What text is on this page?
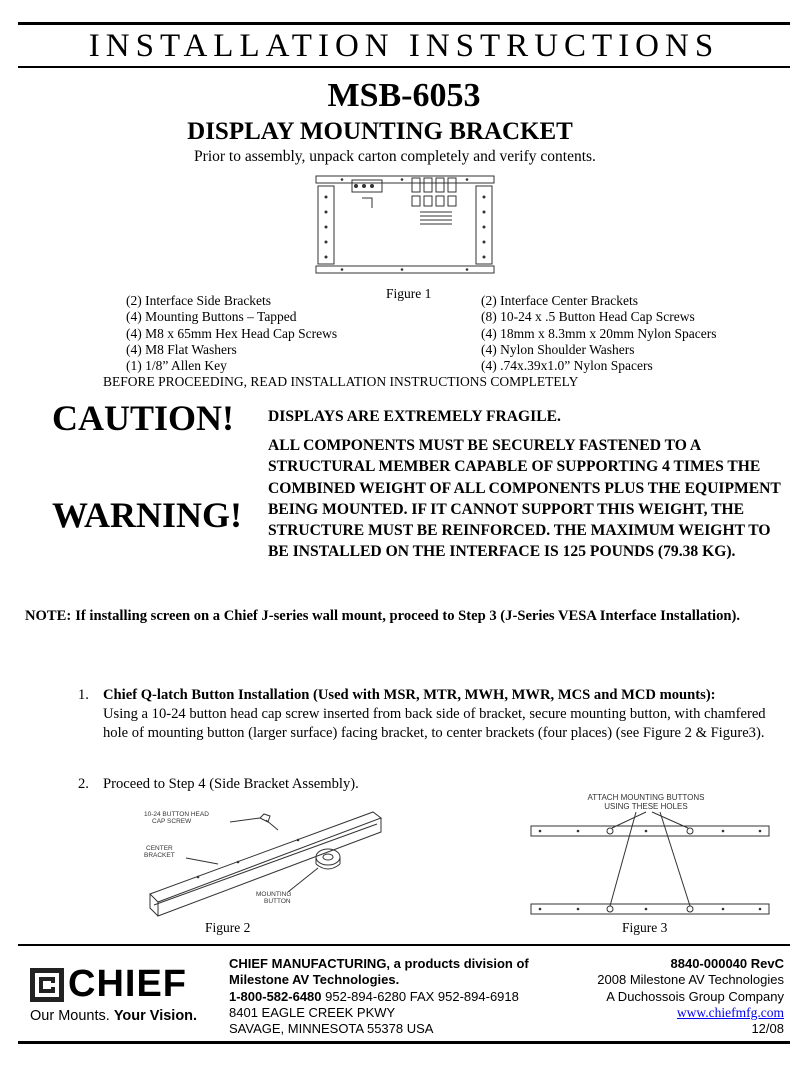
INSTALLATION INSTRUCTIONS
MSB-6053
DISPLAY MOUNTING BRACKET
Prior to assembly, unpack carton completely and verify contents.
Figure 1
(2) Interface Side Brackets
(4) Mounting Buttons – Tapped
(4) M8 x 65mm Hex Head Cap Screws
(4) M8 Flat Washers
(1) 1/8” Allen Key
(2) Interface Center Brackets
(8) 10-24 x .5 Button Head Cap Screws
(4) 18mm x 8.3mm x 20mm Nylon Spacers
(4) Nylon Shoulder Washers
(4) .74x.39x1.0” Nylon Spacers
BEFORE PROCEEDING, READ INSTALLATION INSTRUCTIONS COMPLETELY
CAUTION!
WARNING!

DISPLAYS ARE EXTREMELY FRAGILE.

ALL COMPONENTS MUST BE SECURELY FASTENED TO A STRUCTURAL MEMBER CAPABLE OF SUPPORTING 4 TIMES THE COMBINED WEIGHT OF ALL COMPONENTS PLUS THE EQUIPMENT BEING MOUNTED. IF IT CANNOT SUPPORT THIS WEIGHT, THE STRUCTURE MUST BE REINFORCED. THE MAXIMUM WEIGHT TO BE INSTALLED ON THE INTERFACE IS 125 POUNDS (79.38 KG).

NOTE: If installing screen on a Chief J-series wall mount, proceed to Step 3 (J-Series VESA Interface Installation).
1. Chief Q-latch Button Installation (Used with MSR, MTR, MWH, MWR, MCS and MCD mounts):
Using a 10-24 button head cap screw inserted from back side of bracket, secure mounting button, with chamfered hole of mounting button (larger surface) facing bracket, to center brackets (four places) (see Figure 2 & Figure3).
2. Proceed to Step 4 (Side Bracket Assembly).
10-24 BUTTON HEAD CAP SCREW
CENTER BRACKET
MOUNTING BUTTON
Figure 2
ATTACH MOUNTING BUTTONS USING THESE HOLES
Figure 3
CHIEF
Our Mounts. Your Vision.
CHIEF MANUFACTURING, a products division of
Milestone AV Technologies.
1-800-582-6480 952-894-6280 FAX 952-894-6918
8401 EAGLE CREEK PKWY
SAVAGE, MINNESOTA 55378 USA
8840-000040 RevC
2008 Milestone AV Technologies
A Duchossois Group Company
www.chiefmfg.com
12/08
